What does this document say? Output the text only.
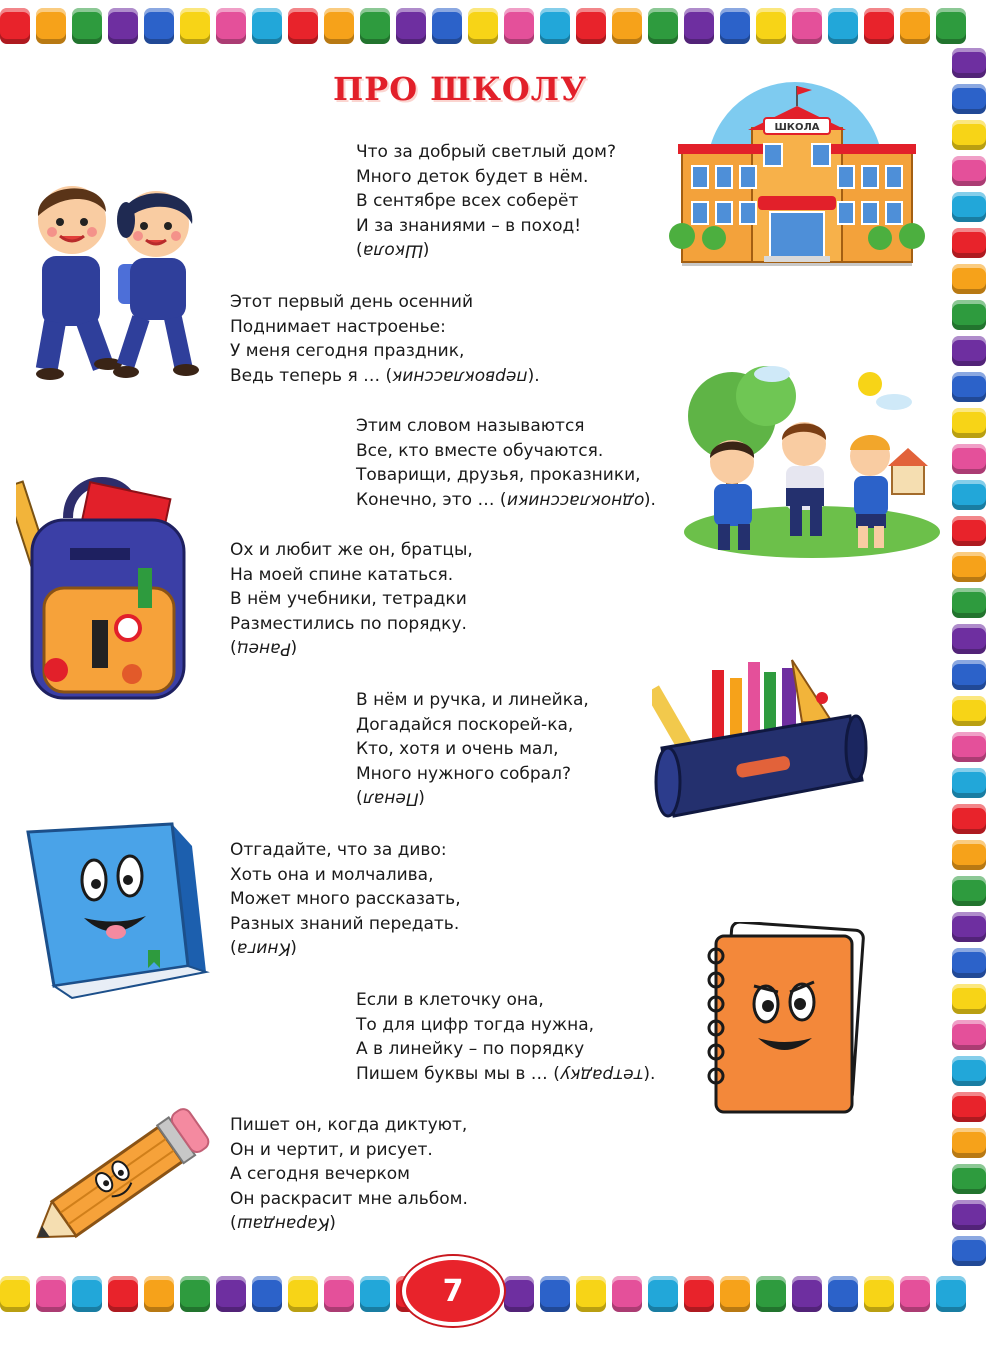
ПРО ШКОЛУ
Что за добрый светлый дом?
Много деток будет в нём.
В сентябре всех соберёт
И за знаниями – в поход!
(Школа)
Этот первый день осенний
Поднимает настроенье:
У меня сегодня праздник,
Ведь теперь я … (первоклассник).
Этим словом называются
Все, кто вместе обучаются.
Товарищи, друзья, проказники,
Конечно, это … (одноклассники).
Ох и любит же он, братцы,
На моей спине кататься.
В нём учебники, тетрадки
Разместились по порядку.
(Ранец)
В нём и ручка, и линейка,
Догадайся поскорей-ка,
Кто, хотя и очень мал,
Много нужного собрал?
(Пенал)
Отгадайте, что за диво:
Хоть она и молчалива,
Может много рассказать,
Разных знаний передать.
(Книга)
Если в клеточку она,
То для цифр тогда нужна,
А в линейку – по порядку
Пишем буквы мы в … (тетрадку).
Пишет он, когда диктуют,
Он и чертит, и рисует.
А сегодня вечерком
Он раскрасит мне альбом.
(Карандаш)
ШКОЛА
7
